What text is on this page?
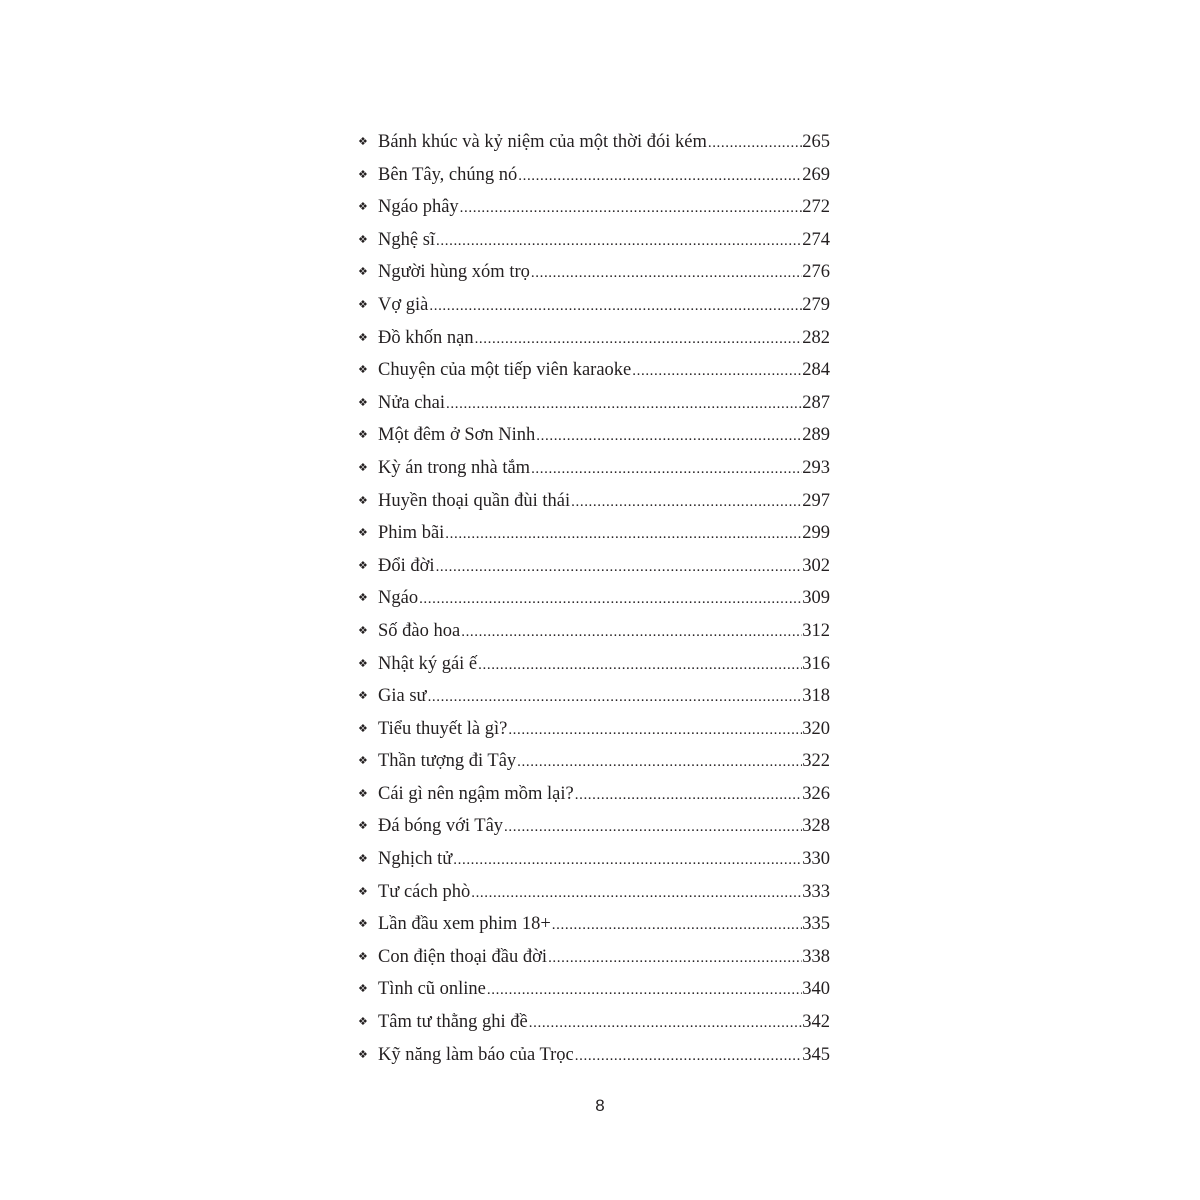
❖ Bánh khúc và kỷ niệm của một thời đói kém .....	265
❖ Bên Tây, chúng nó .....	269
❖ Ngáo phây .....	272
❖ Nghệ sĩ .....	274
❖ Người hùng xóm trọ .....	276
❖ Vợ già .....	279
❖ Đồ khốn nạn .....	282
❖ Chuyện của một tiếp viên karaoke .....	284
❖ Nửa chai .....	287
❖ Một đêm ở Sơn Ninh .....	289
❖ Kỳ án trong nhà tắm .....	293
❖ Huyền thoại quần đùi thái .....	297
❖ Phim bãi .....	299
❖ Đổi đời .....	302
❖ Ngáo .....	309
❖ Số đào hoa .....	312
❖ Nhật ký gái ế .....	316
❖ Gia sư .....	318
❖ Tiểu thuyết là gì? .....	320
❖ Thần tượng đi Tây .....	322
❖ Cái gì nên ngậm mồm lại? .....	326
❖ Đá bóng với Tây .....	328
❖ Nghịch tử .....	330
❖ Tư cách phò .....	333
❖ Lần đầu xem phim 18+ .....	335
❖ Con điện thoại đầu đời .....	338
❖ Tình cũ online .....	340
❖ Tâm tư thằng ghi đề .....	342
❖ Kỹ năng làm báo của Trọc .....	345
8
